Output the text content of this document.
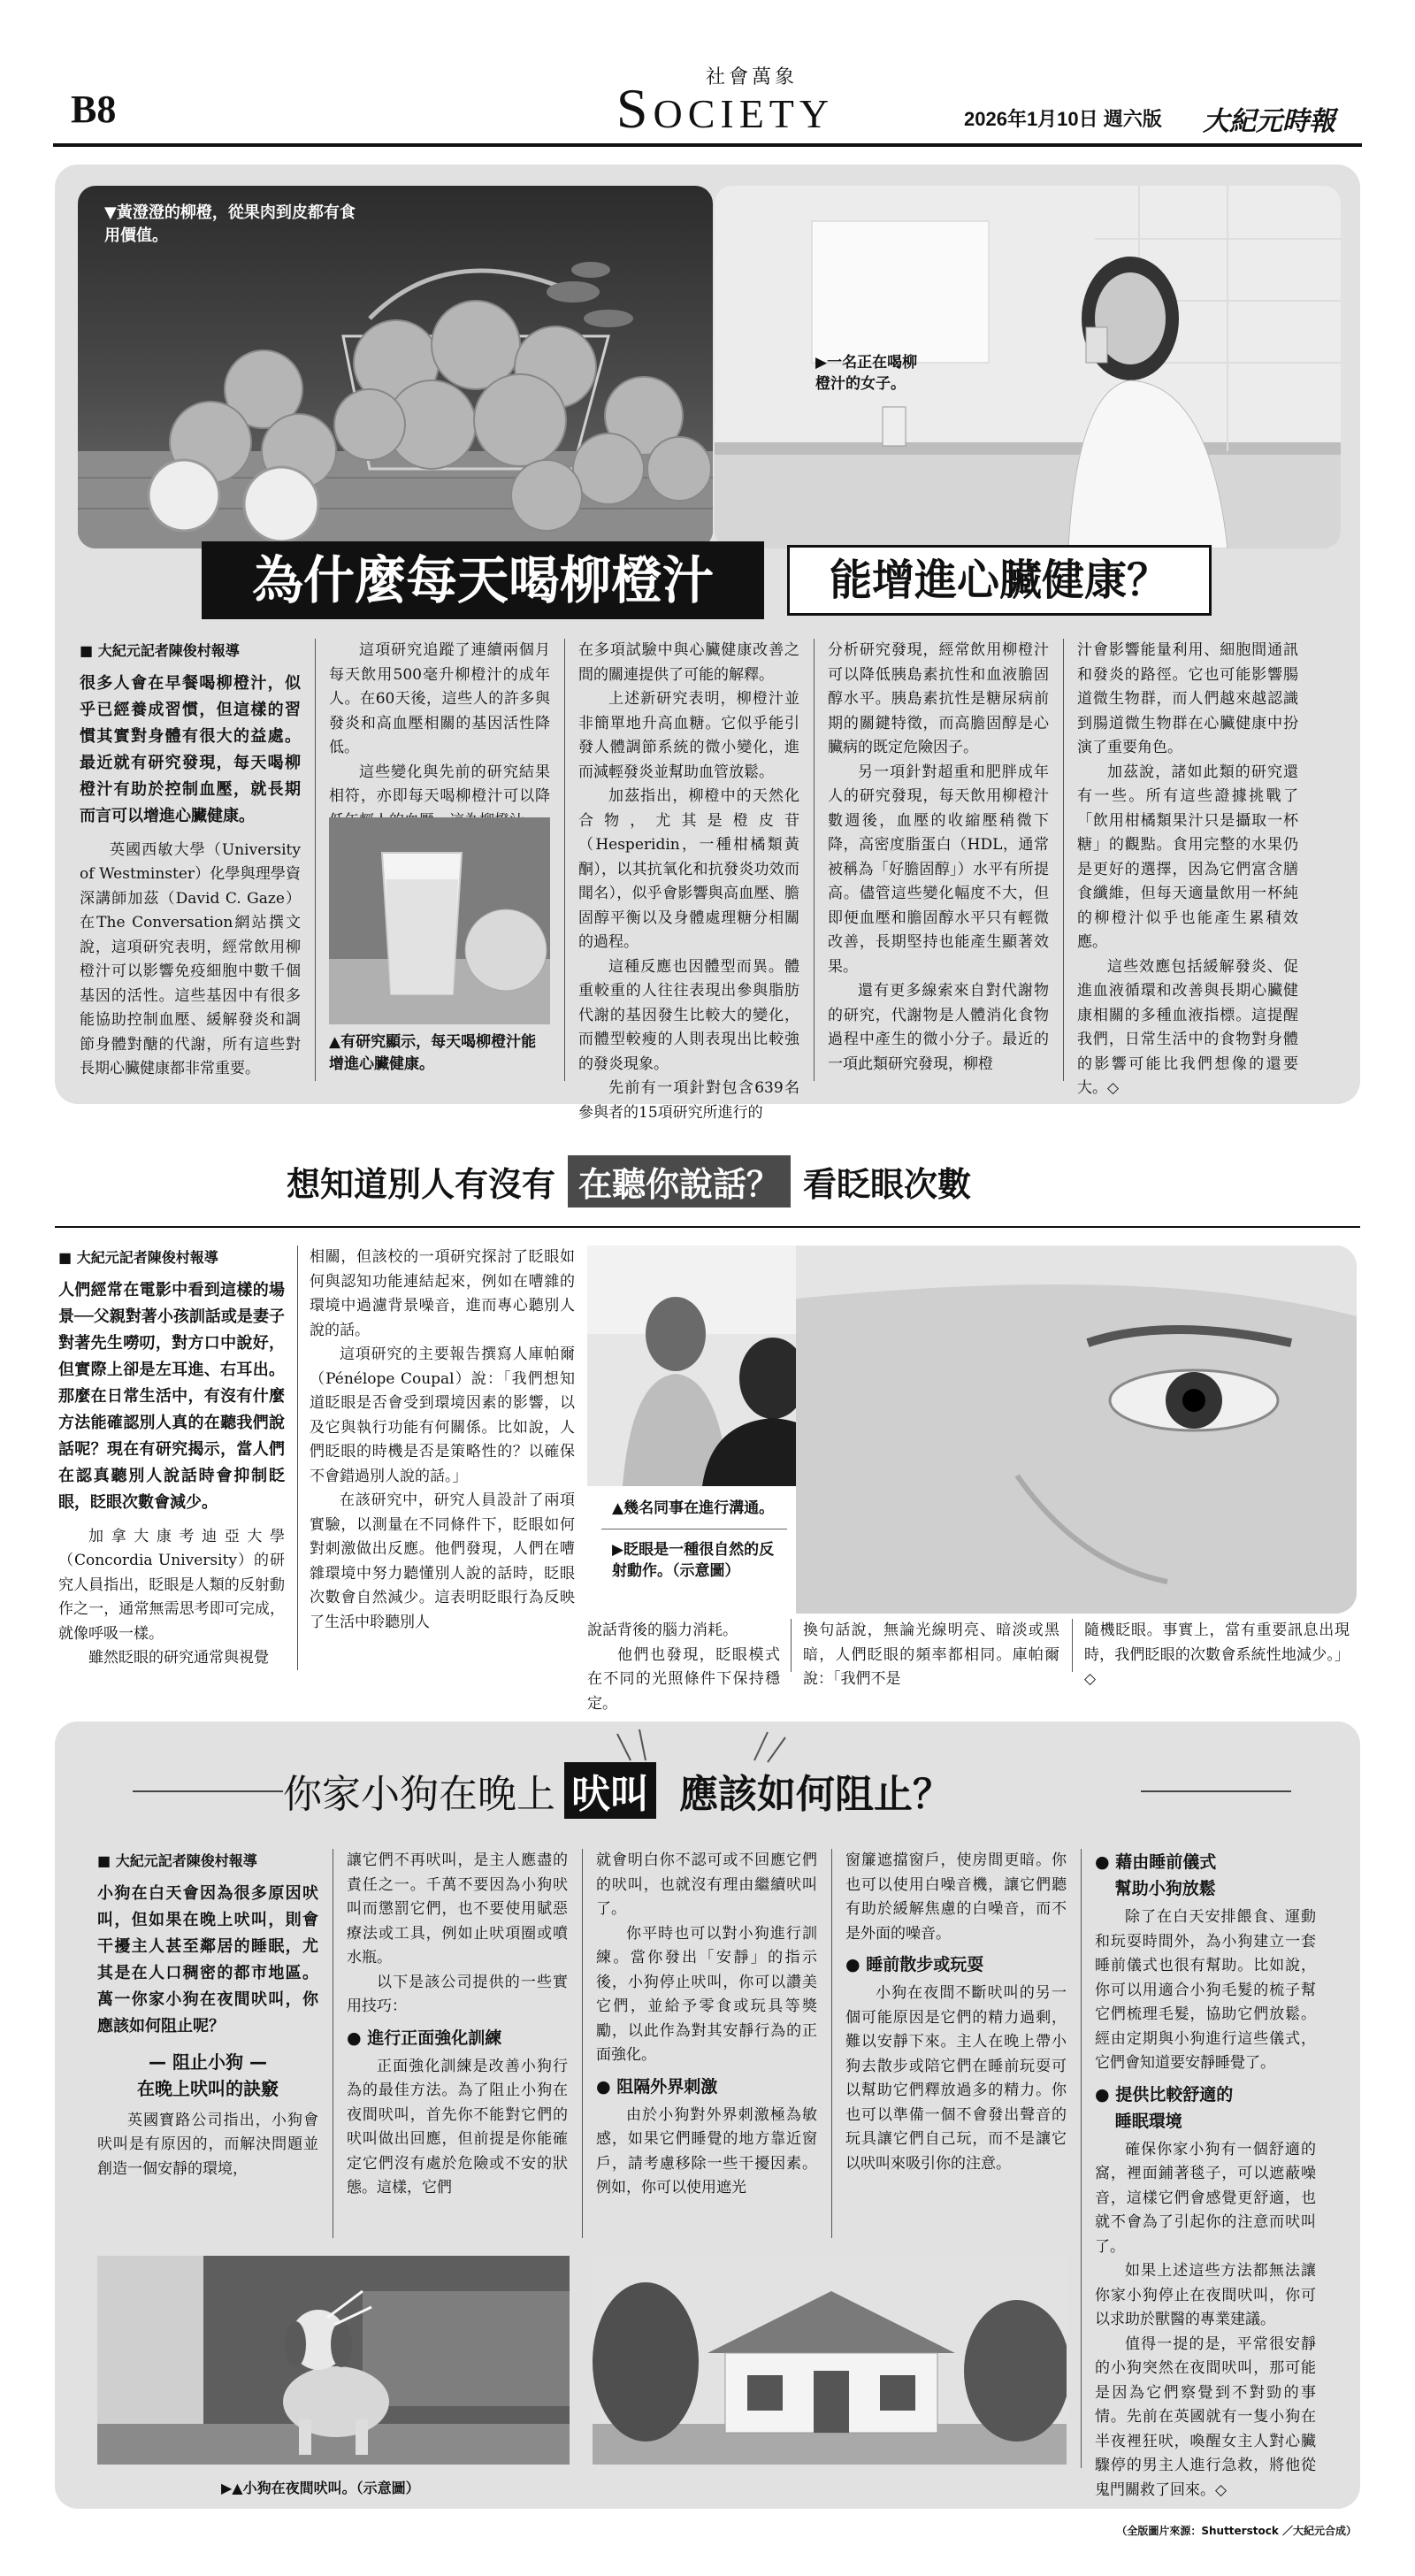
B8
社會萬象
SOCIETY	2026年1月10日 週六版 大紀元時報
▼黃澄澄的柳橙，從果肉到皮都有食用價值。
▶一名正在喝柳橙汁的女子。
為什麼每天喝柳橙汁	能增進心臟健康？
■ 大紀元記者陳俊村報導
很多人會在早餐喝柳橙汁，似乎已經養成習慣，但這樣的習慣其實對身體有很大的益處。最近就有研究發現，每天喝柳橙汁有助於控制血壓，就長期而言可以增進心臟健康。

英國西敏大學（University of Westminster）化學與理學資深講師加茲（David C. Gaze）在The Conversation網站撰文說，這項研究表明，經常飲用柳橙汁可以影響免疫細胞中數千個基因的活性。這些基因中有很多能協助控制血壓、緩解發炎和調節身體對醣的代謝，所有這些對長期心臟健康都非常重要。

這項研究追蹤了連續兩個月每天飲用500毫升柳橙汁的成年人。在60天後，這些人的許多與發炎和高血壓相關的基因活性降低。

這些變化與先前的研究結果相符，亦即每天喝柳橙汁可以降

▲有研究顯示，每天喝柳橙汁能增進心臟健康。

在多項試驗中與心臟健康改善之間的關連提供了可能的解釋。

上述新研究表明，柳橙汁並非簡單地升高血糖。它似乎能引發人體調節系統的微小變化，進而減輕發炎並幫助血管放鬆。

加茲指出，柳橙中的天然化合物，尤其是橙皮苷（Hesperidin，一種柑橘類黃酮），以其抗氧化和抗發炎功效而聞名），似乎會影響與高血壓、膽固醇平衡以及身體處理糖分相關的過程。

這種反應也因體型而異。體重較重的人往往表現出參與脂肪代謝的基因發生比較大的變化，而體型較瘦的人則表現出比較強的發炎現象。

先前有一項針對包含639名參與者的15項研究所進行的

分析研究發現，經常飲用柳橙汁可以降低胰島素抗性和血液膽固醇水平。胰島素抗性是糖尿病前期的關鍵特徵，而高膽固醇是心臟病的既定危險因子。

另一項針對超重和肥胖成年人的研究發現，每天飲用柳橙汁數週後，血壓的收縮壓稍微下降，高密度脂蛋白（HDL，通常被稱為「好膽固醇」）水平有所提高。儘管這些變化幅度不大，但即便血壓和膽固醇水平只有輕微改善，長期堅持也能產生顯著效果。

還有更多線索來自對代謝物的研究，代謝物是人體消化食物過程中產生的微小分子。最近的一項此類研究發現，柳橙

汁會影響能量利用、細胞間通訊和發炎的路徑。它也可能影響腸道微生物群，而人們越來越認識到腸道微生物群在心臟健康中扮演了重要角色。

加茲說，諸如此類的研究還有一些。所有這些證據挑戰了「飲用柑橘類果汁只是攝取一杯糖」的觀點。食用完整的水果仍是更好的選擇，因為它們富含膳食纖維，但每天適量飲用一杯純的柳橙汁似乎也能產生累積效應。

這些效應包括緩解發炎、促進血液循環和改善與長期心臟健康相關的多種血液指標。這提醒我們，日常生活中的食物對身體的影響可能比我們想像的還要大。◇

想知道別人有沒有 在聽你說話？ 看眨眼次數
■ 大紀元記者陳俊村報導
人們經常在電影中看到這樣的場景──父親對著小孩訓話或是妻子對著先生嘮叨，對方口中說好，但實際上卻是左耳進、右耳出。那麼在日常生活中，有沒有什麼方法能確認別人真的在聽我們說話呢？現在有研究揭示，當人們在認真聽別人說話時會抑制眨眼，眨眼次數會減少。

加拿大康考迪亞大學（Concordia University）的研究人員指出，眨眼是人類的反射動作之一，通常無需思考即可完成，就像呼吸一樣。

雖然眨眼的研究通常與視覺

相關，但該校的一項研究探討了眨眼如何與認知功能連結起來，例如在嘈雜的環境中過濾背景噪音，進而專心聽別人說的話。

這項研究的主要報告撰寫人庫帕爾（Pénélope Coupal）說：「我們想知道眨眼是否會受到環境因素的影響，以及它與執行功能有何關係。比如說，人們眨眼的時機是否是策略性的？以確保不會錯過別人說的話。」

在該研究中，研究人員設計了兩項實驗，以測量在不同條件下，眨眼如何對刺激做出反應。他們發現，人們在嘈雜環境中努力聽懂別人說的話時，眨眼次數會自然減少。這表明眨眼行為反映了生活中聆聽別人

▲幾名同事在進行溝通。
▶眨眼是一種很自然的反射動作。（示意圖）

說話背後的腦力消耗。

他們也發現，眨眼模式在不同的光照條件下保持穩定。

換句話說，無論光線明亮、暗淡或黑暗，人們眨眼的頻率都相同。庫帕爾說：「我們不是

隨機眨眼。事實上，當有重要訊息出現時，我們眨眼的次數會系統性地減少。」◇

你家小狗在晚上 吠叫 應該如何阻止？
■ 大紀元記者陳俊村報導
小狗在白天會因為很多原因吠叫，但如果在晚上吠叫，則會干擾主人甚至鄰居的睡眠，尤其是在人口稠密的都市地區。萬一你家小狗在夜間吠叫，你應該如何阻止呢？
— 阻止小狗 —
在晚上吠叫的訣竅

英國寶路公司指出，小狗會吠叫是有原因的，而解決問題並創造一個安靜的環境，

讓它們不再吠叫，是主人應盡的責任之一。千萬不要因為小狗吠叫而懲罰它們，也不要使用賦惡療法或工具，例如止吠項圈或噴水瓶。

以下是該公司提供的一些實用技巧：

● 進行正面強化訓練

正面強化訓練是改善小狗行為的最佳方法。為了阻止小狗在夜間吠叫，首先你不能對它們的吠叫做出回應，但前提是你能確定它們沒有處於危險或不安的狀態。這樣，它們

就會明白你不認可或不回應它們的吠叫，也就沒有理由繼續吠叫了。

你平時也可以對小狗進行訓練。當你發出「安靜」的指示後，小狗停止吠叫，你可以讚美它們，並給予零食或玩具等獎勵，以此作為對其安靜行為的正面強化。

● 阻隔外界刺激

由於小狗對外界刺激極為敏感，如果它們睡覺的地方靠近窗戶，請考慮移除一些干擾因素。例如，你可以使用遮光

窗簾遮擋窗戶，使房間更暗。你也可以使用白噪音機，讓它們聽有助於緩解焦慮的白噪音，而不是外面的噪音。

● 睡前散步或玩耍

小狗在夜間不斷吠叫的另一個可能原因是它們的精力過剩，難以安靜下來。主人在晚上帶小狗去散步或陪它們在睡前玩耍可以幫助它們釋放過多的精力。你也可以準備一個不會發出聲音的玩具讓它們自己玩，而不是讓它以吠叫來吸引你的注意。

● 藉由睡前儀式
幫助小狗放鬆

除了在白天安排餵食、運動和玩耍時間外，為小狗建立一套睡前儀式也很有幫助。比如說，你可以用適合小狗毛髮的梳子幫它們梳理毛髮，協助它們放鬆。經由定期與小狗進行這些儀式，它們會知道要安靜睡覺了。

● 提供比較舒適的
睡眠環境

確保你家小狗有一個舒適的窩，裡面鋪著毯子，可以遮蔽噪音，這樣它們會感覺更舒適，也就不會為了引起你的注意而吠叫了。

如果上述這些方法都無法讓你家小狗停止在夜間吠叫，你可以求助於獸醫的專業建議。

值得一提的是，平常很安靜的小狗突然在夜間吠叫，那可能是因為它們察覺到不對勁的事情。先前在英國就有一隻小狗在半夜裡狂吠，喚醒女主人對心臟驟停的男主人進行急救，將他從鬼門關救了回來。◇

▶▲小狗在夜間吠叫。（示意圖）
（全版圖片來源：Shutterstock ／大紀元合成）
